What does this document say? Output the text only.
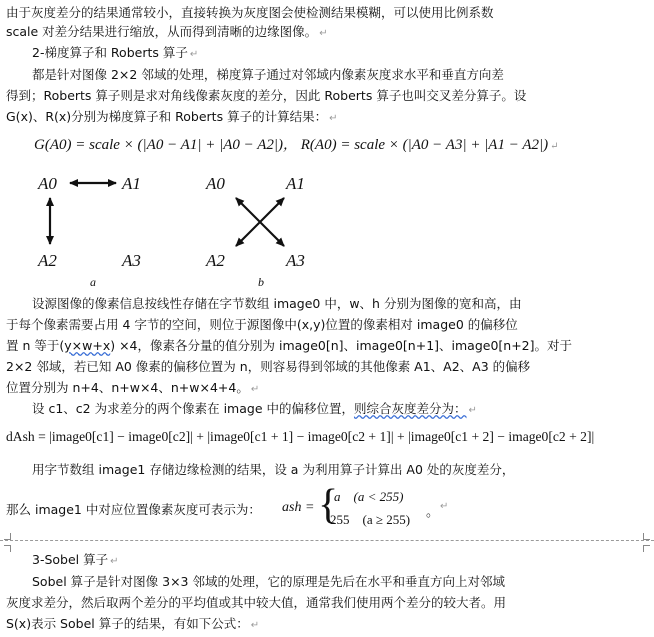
由于灰度差分的结果通常较小，直接转换为灰度图会使检测结果模糊，可以使用比例系数
scale 对差分结果进行缩放，从而得到清晰的边缘图像。 ↵
2-梯度算子和 Roberts 算子 ↵
都是针对图像 2×2 邻域的处理，梯度算子通过对邻域内像素灰度求水平和垂直方向差
得到；Roberts 算子则是求对角线像素灰度的差分，因此 Roberts 算子也叫交叉差分算子。设
G(x)、R(x)分别为梯度算子和 Roberts 算子的计算结果： ↵
G(A0) = scale × (|A0 − A1| + |A0 − A2|)， R(A0) = scale × (|A0 − A3| + |A1 − A2|) ↵
A0	A1
A2	A3
a
A0	A1
A2	A3
b
设源图像的像素信息按线性存储在字节数组 image0 中，w、h 分别为图像的宽和高，由
于每个像素需要占用 4 字节的空间，则位于源图像中(x,y)位置的像素相对 image0 的偏移位
置 n 等于(y×w+x) ×4，像素各分量的值分别为 image0[n]、image0[n+1]、image0[n+2]。对于
2×2 邻域，若已知 A0 像素的偏移位置为 n，则容易得到邻域的其他像素 A1、A2、A3 的偏移
位置分别为 n+4、n+w×4、n+w×4+4。 ↵
设 c1、c2 为求差分的两个像素在 image 中的偏移位置，则综合灰度差分为： ↵
dAsh = |image0[c1] − image0[c2]| + |image0[c1 + 1] − image0[c2 + 1]| + |image0[c1 + 2] − image0[c2 + 2]|
用字节数组 image1 存储边缘检测的结果，设 a 为利用算子计算出 A0 处的灰度差分，
那么 image1 中对应位置像素灰度可表示为： ash = {
a    (a < 255)
255    (a ≥ 255)
。 ↵
3-Sobel 算子 ↵
Sobel 算子是针对图像 3×3 邻域的处理，它的原理是先后在水平和垂直方向上对邻域
灰度求差分，然后取两个差分的平均值或其中较大值，通常我们使用两个差分的较大者。用
S(x)表示 Sobel 算子的结果，有如下公式： ↵
